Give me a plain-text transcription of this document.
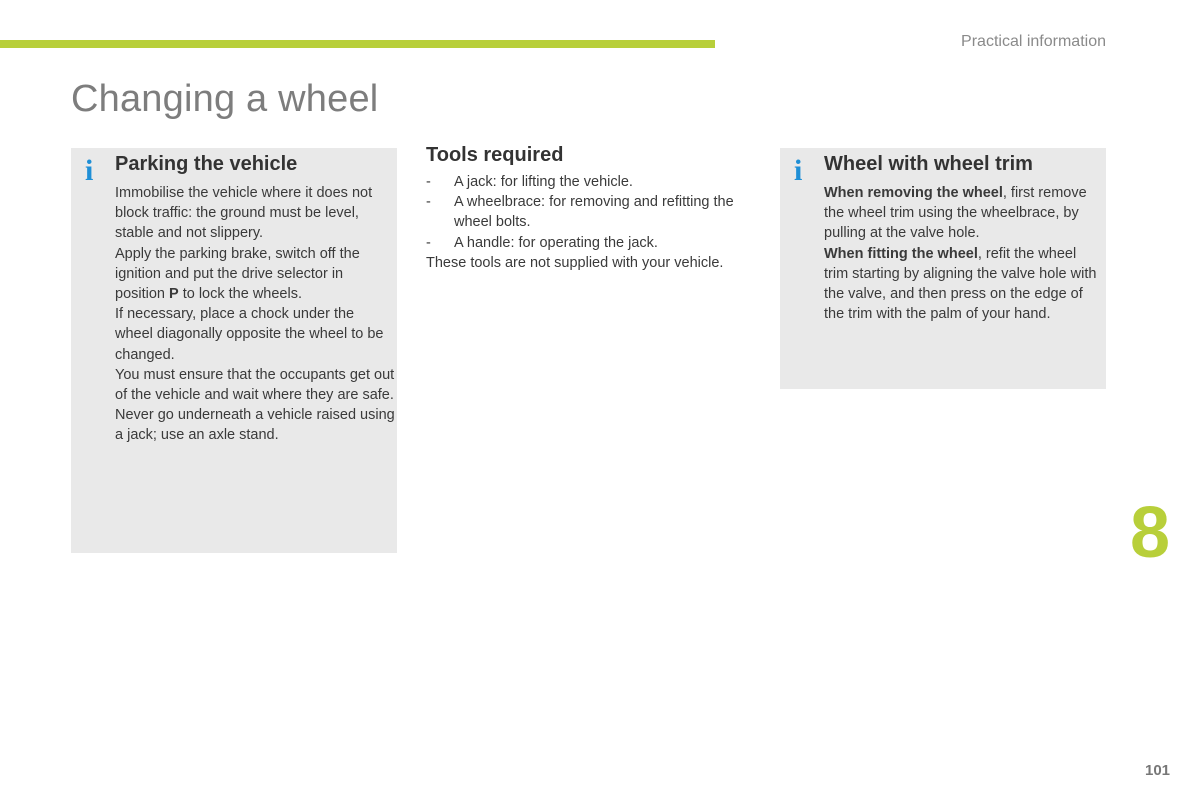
Practical information
Changing a wheel
i Parking the vehicle

Immobilise the vehicle where it does not block traffic: the ground must be level, stable and not slippery.

Apply the parking brake, switch off the ignition and put the drive selector in position P to lock the wheels.

If necessary, place a chock under the wheel diagonally opposite the wheel to be changed.

You must ensure that the occupants get out of the vehicle and wait where they are safe.

Never go underneath a vehicle raised using a jack; use an axle stand.

Tools required
- A jack: for lifting the vehicle.
- A wheelbrace: for removing and refitting the wheel bolts.
- A handle: for operating the jack.

These tools are not supplied with your vehicle.

i Wheel with wheel trim

When removing the wheel, first remove the wheel trim using the wheelbrace, by pulling at the valve hole.

When fitting the wheel, refit the wheel trim starting by aligning the valve hole with the valve, and then press on the edge of the trim with the palm of your hand.

8
101
